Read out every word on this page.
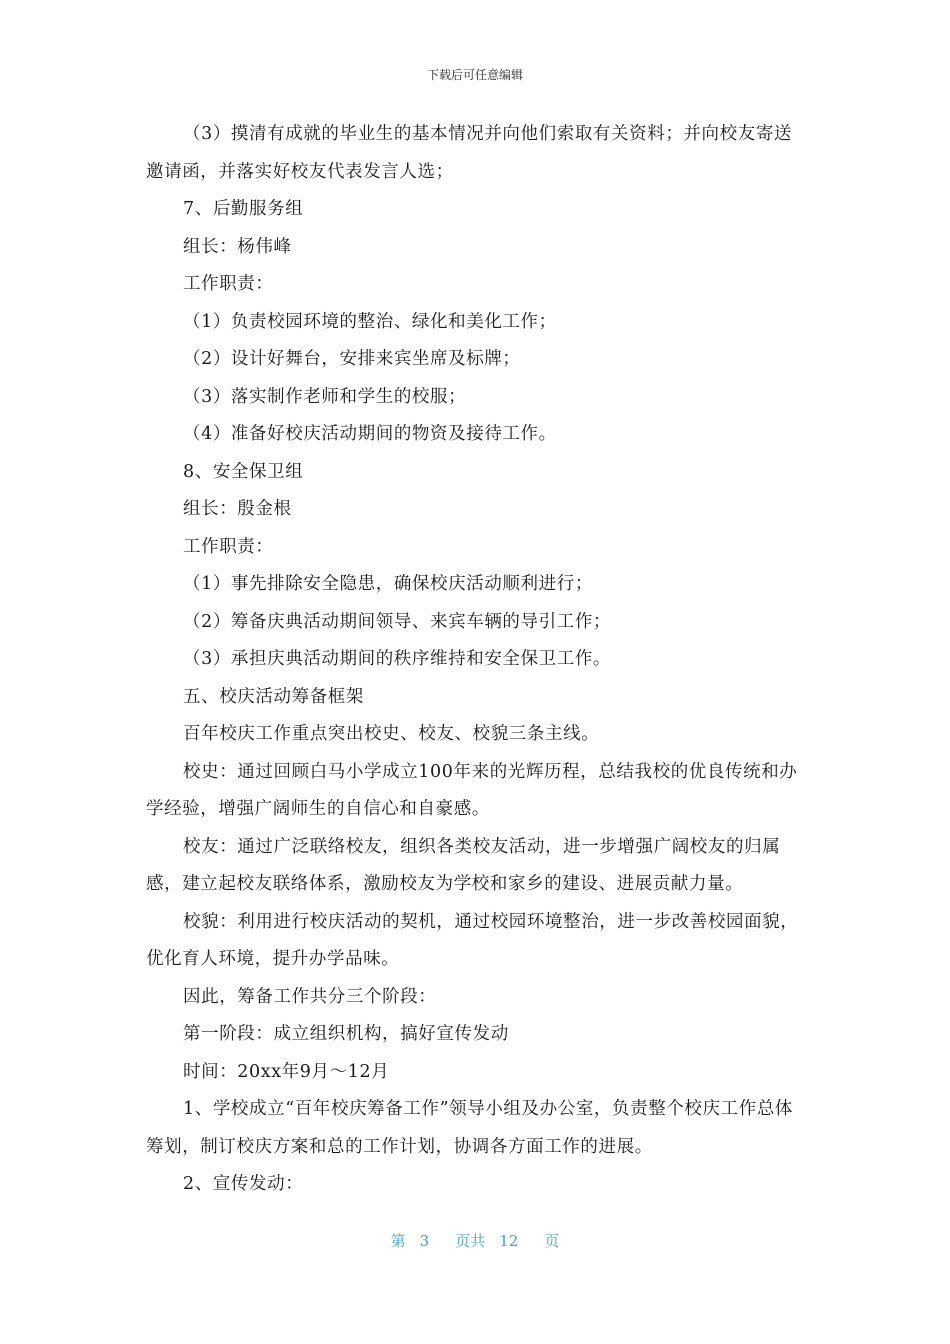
下载后可任意编辑

（3）摸清有成就的毕业生的基本情况并向他们索取有关资料；并向校友寄送邀请函，并落实好校友代表发言人选；

7、后勤服务组

组长：杨伟峰

工作职责：

（1）负责校园环境的整治、绿化和美化工作；

（2）设计好舞台，安排来宾坐席及标牌；

（3）落实制作老师和学生的校服；

（4）准备好校庆活动期间的物资及接待工作。

8、安全保卫组

组长：殷金根

工作职责：

（1）事先排除安全隐患，确保校庆活动顺利进行；

（2）筹备庆典活动期间领导、来宾车辆的导引工作；

（3）承担庆典活动期间的秩序维持和安全保卫工作。

五、校庆活动筹备框架

百年校庆工作重点突出校史、校友、校貌三条主线。

校史：通过回顾白马小学成立100年来的光辉历程，总结我校的优良传统和办学经验，增强广阔师生的自信心和自豪感。

校友：通过广泛联络校友，组织各类校友活动，进一步增强广阔校友的归属感，建立起校友联络体系，激励校友为学校和家乡的建设、进展贡献力量。

校貌：利用进行校庆活动的契机，通过校园环境整治，进一步改善校园面貌，优化育人环境，提升办学品味。

因此，筹备工作共分三个阶段：

第一阶段：成立组织机构，搞好宣传发动

时间：20xx年9月～12月

1、学校成立“百年校庆筹备工作”领导小组及办公室，负责整个校庆工作总体筹划，制订校庆方案和总的工作计划，协调各方面工作的进展。

2、宣传发动：

第 3 页共 12 页
